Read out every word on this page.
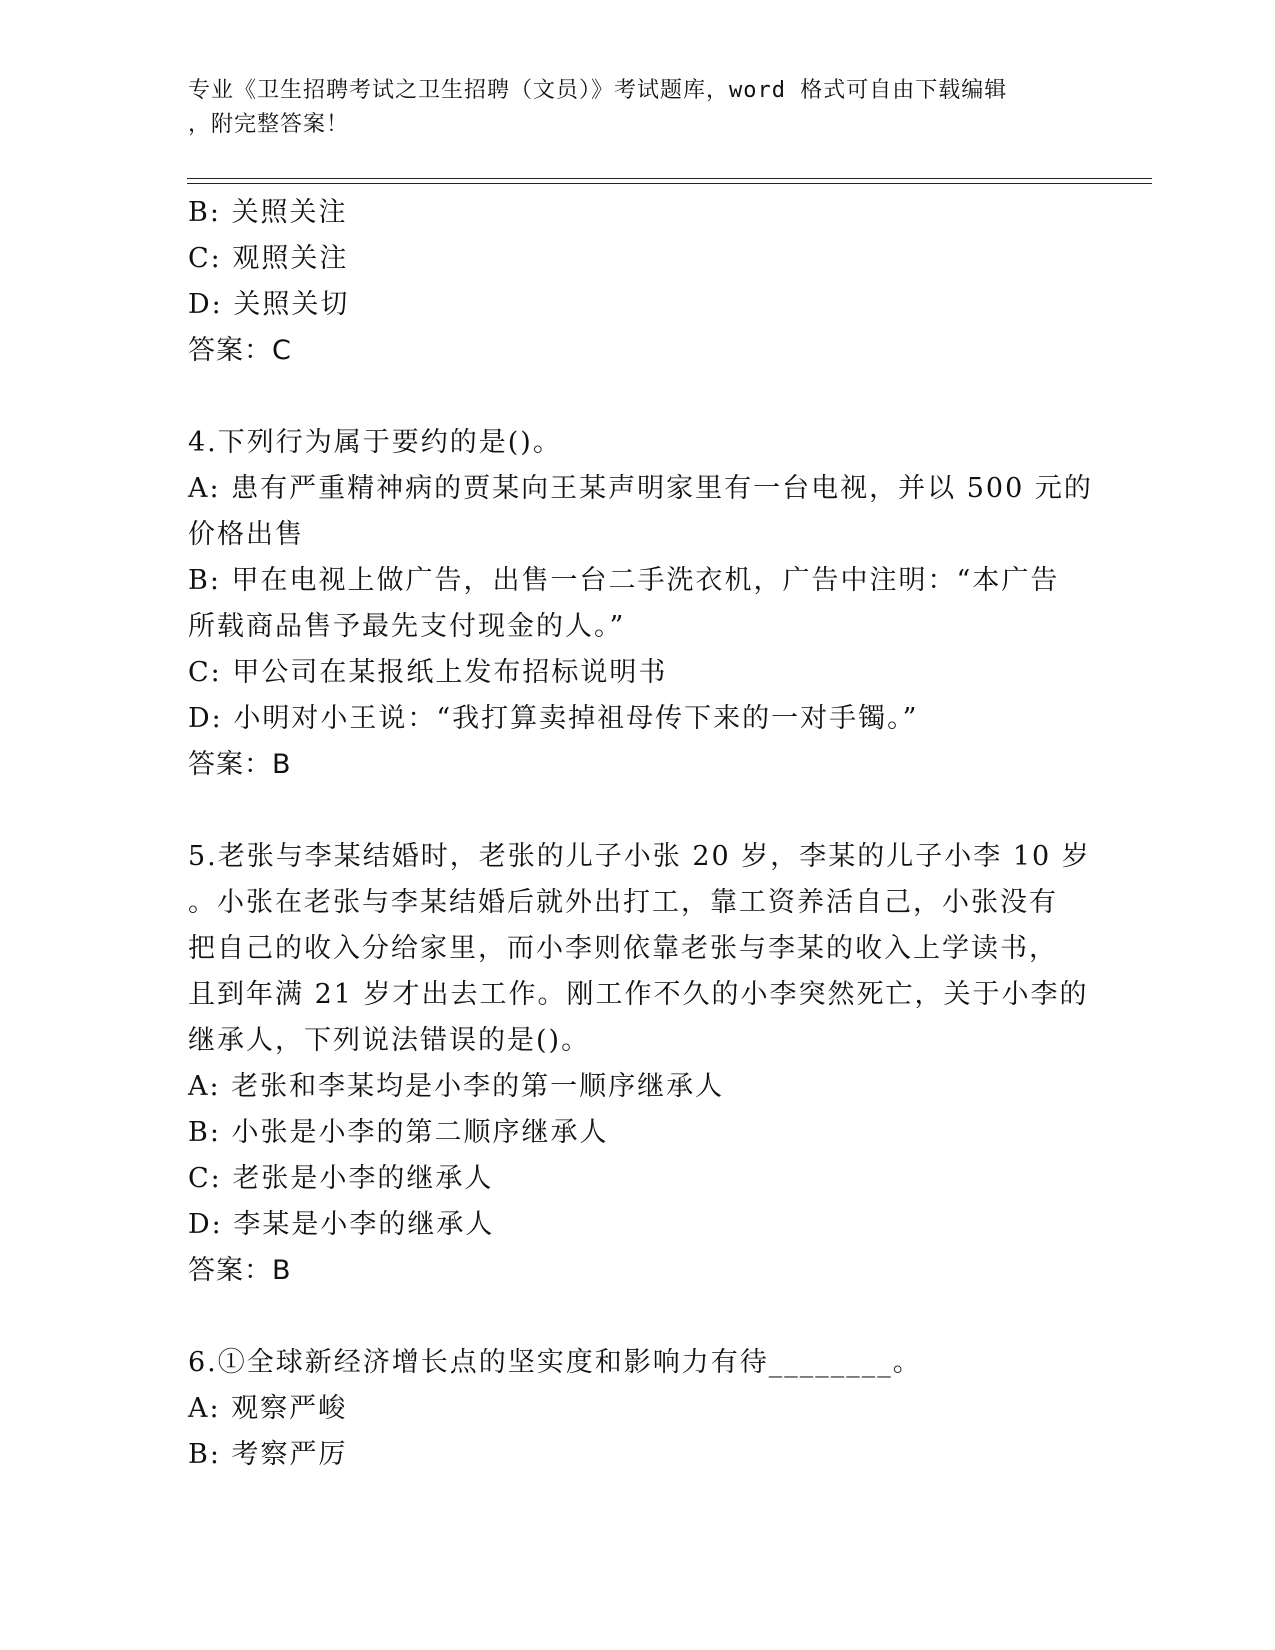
专业《卫生招聘考试之卫生招聘（文员）》考试题库，word 格式可自由下载编辑
，附完整答案！
B: 关照关注
C: 观照关注
D: 关照关切
答案：C
4.下列行为属于要约的是()。
A: 患有严重精神病的贾某向王某声明家里有一台电视，并以 500 元的
价格出售
B: 甲在电视上做广告，出售一台二手洗衣机，广告中注明：“本广告
所载商品售予最先支付现金的人。”
C: 甲公司在某报纸上发布招标说明书
D: 小明对小王说：“我打算卖掉祖母传下来的一对手镯。”
答案：B
5.老张与李某结婚时，老张的儿子小张 20 岁，李某的儿子小李 10 岁
。小张在老张与李某结婚后就外出打工，靠工资养活自己，小张没有
把自己的收入分给家里，而小李则依靠老张与李某的收入上学读书，
且到年满 21 岁才出去工作。刚工作不久的小李突然死亡，关于小李的
继承人，下列说法错误的是()。
A: 老张和李某均是小李的第一顺序继承人
B: 小张是小李的第二顺序继承人
C: 老张是小李的继承人
D: 李某是小李的继承人
答案：B
6.①全球新经济增长点的坚实度和影响力有待________。
A: 观察严峻
B: 考察严厉
